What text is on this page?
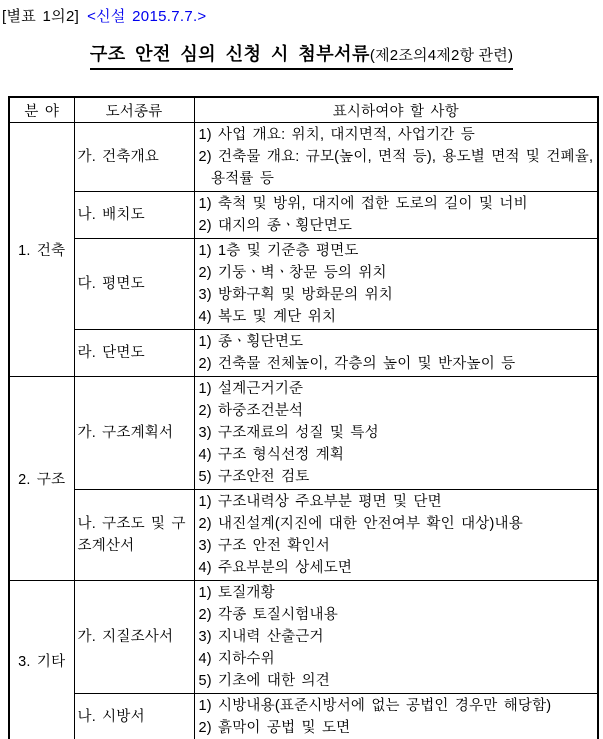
[별표 1의2] <신설 2015.7.7.>
구조 안전 심의 신청 시 첨부서류(제2조의4제2항 관련)
분 야	도서종류	표시하여야 할 사항
1. 건축	가. 건축개요	1) 사업 개요: 위치, 대지면적, 사업기간 등
2) 건축물 개요: 규모(높이, 면적 등), 용도별 면적 및 건폐율,
용적률 등

	나. 배치도	1) 축척 및 방위, 대지에 접한 도로의 길이 및 너비
2) 대지의 종ㆍ횡단면도

	다. 평면도	1) 1층 및 기준층 평면도
2) 기둥ㆍ벽ㆍ창문 등의 위치
3) 방화구획 및 방화문의 위치
4) 복도 및 계단 위치

	라. 단면도	1) 종ㆍ횡단면도
2) 건축물 전체높이, 각층의 높이 및 반자높이 등

2. 구조	가. 구조계획서	1) 설계근거기준
2) 하중조건분석
3) 구조재료의 성질 및 특성
4) 구조 형식선정 계획
5) 구조안전 검토

	나. 구조도 및 구조계산서	1) 구조내력상 주요부분 평면 및 단면
2) 내진설계(지진에 대한 안전여부 확인 대상)내용
3) 구조 안전 확인서
4) 주요부분의 상세도면

3. 기타	가. 지질조사서	1) 토질개황
2) 각종 토질시험내용
3) 지내력 산출근거
4) 지하수위
5) 기초에 대한 의견

	나. 시방서	1) 시방내용(표준시방서에 없는 공법인 경우만 해당함)
2) 흙막이 공법 및 도면
